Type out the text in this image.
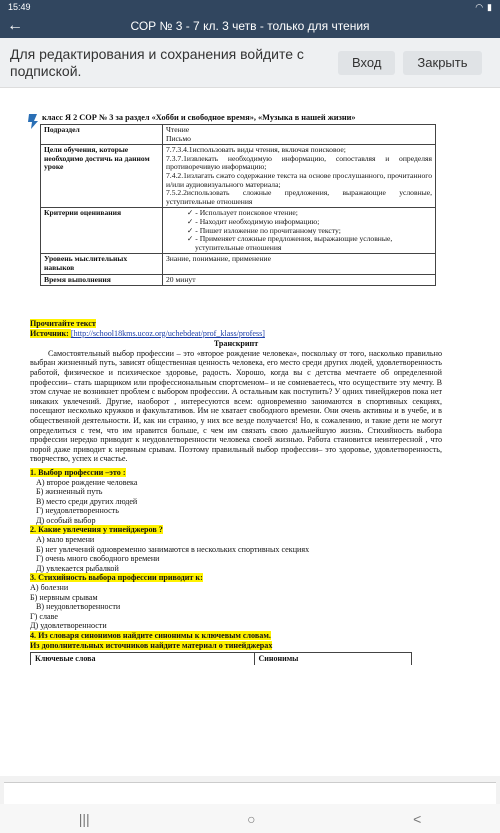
15:49	◠ ▮
←	СОР № 3 - 7 кл. 3 четв - только для чтения
Для редактирования и сохранения войдите с подпиской.	Вход	Закрыть
класс Я 2 СОР № 3 за раздел «Хобби и свободное время», «Музыка в нашей жизни»
Подраздел	Чтение
Письмо

Цели обучения, которые необходимо достичь на данном уроке	7.7.3.4.1использовать виды чтения, включая поисковое;
7.3.7.1извлекать необходимую информацию, сопоставляя и определяя противоречивую информацию;
7.4.2.1излагать сжато содержание текста на основе прослушанного, прочитанного и/или аудиовизуального материала;
7.5.2.2использовать сложные предложения, выражающие условные, уступительные отношения

Критерии оценивания	✓ - Использует поисковое чтение;
✓ - Находит необходимую информацию;
✓ - Пишет изложение по прочитанному тексту;
✓ - Применяет сложные предложения, выражающие условные, уступительные отношения

Уровень мыслительных навыков	Знание, понимание, применение
Время выполнения	20 минут
Прочитайте текст
Источник: [http://school18kms.ucoz.org/uchebdeat/prof_klass/profess]
Транскрипт
Самостоятельный выбор профессии – это «второе рождение человека», поскольку от того, насколько правильно выбран жизненный путь, зависят общественная ценность человека, его место среди других людей, удовлетворенность работой, физическое и психическое здоровье, радость. Хорошо, когда вы с детства мечтаете об определенной профессии– стать шарщиком или профессиональным спортсменом– и не сомневаетесь, что осуществите эту мечту. В этом случае не возникнет проблем с выбором профессии. А остальным как поступить? У одних тинейджеров пока нет никаких увлечений. Другие, наоборот , интересуются всем: одновременно занимаются в спортивных секциях, посещают несколько кружков и факультативов. Им не хватает свободного времени. Они очень активны и в учебе, и в общественной деятельности. И, как ни странно, у них все везде получается! Но, к сожалению, и такие дети не могут определиться с тем, что им нравится больше, с чем им связать свою дальнейшую жизнь. Стихийность выбора профессии нередко приводит к неудовлетворенности человека своей жизнью. Работа становится неинтересной , что порой даже приводит к нервным срывам. Поэтому правильный выбор профессии– это здоровье, удовлетворенность, творчество, успех и счастье.
1. Выбор профессии –это :
А) второе рождение человека
Б) жизненный путь
В) место среди других людей
Г) неудовлетворенность
Д) особый выбор
2. Какие увлечения у тинейджеров ?
А) мало времени
Б) нет увлечений одновременно занимаются в нескольких спортивных секциях
Г) очень много свободного времени
Д) увлекается рыбалкой
3. Стихийность выбора профессии приводит к:
А) болезни
Б) нервным срывам
В) неудовлетворенности
Г) славе
Д) удовлетворенности
4. Из словаря синонимов найдите синонимы к ключевым словам.
Из дополнительных источников найдите материал о тинейджерах
Ключевые слова	Синонимы
|||	○	<
